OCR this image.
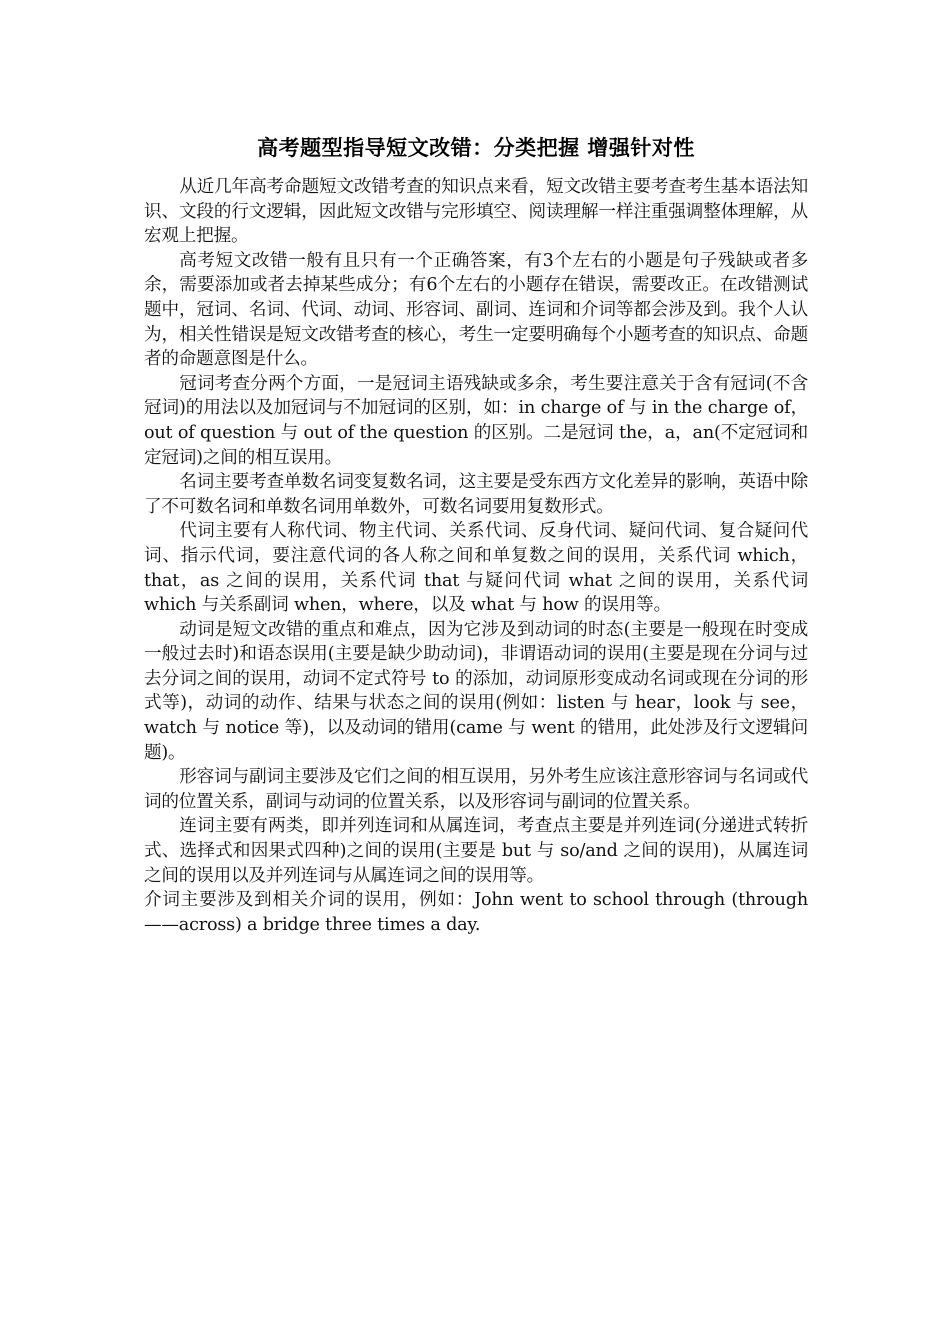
高考题型指导短文改错：分类把握 增强针对性

从近几年高考命题短文改错考查的知识点来看，短文改错主要考查考生基本语法知识、文段的行文逻辑，因此短文改错与完形填空、阅读理解一样注重强调整体理解，从宏观上把握。

高考短文改错一般有且只有一个正确答案，有3个左右的小题是句子残缺或者多余，需要添加或者去掉某些成分；有6个左右的小题存在错误，需要改正。在改错测试题中，冠词、名词、代词、动词、形容词、副词、连词和介词等都会涉及到。我个人认为，相关性错误是短文改错考查的核心，考生一定要明确每个小题考查的知识点、命题者的命题意图是什么。

冠词考查分两个方面，一是冠词主语残缺或多余，考生要注意关于含有冠词(不含冠词)的用法以及加冠词与不加冠词的区别，如：in charge of 与 in the charge of，out of question 与 out of the question 的区别。二是冠词 the，a，an(不定冠词和定冠词)之间的相互误用。

名词主要考查单数名词变复数名词，这主要是受东西方文化差异的影响，英语中除了不可数名词和单数名词用单数外，可数名词要用复数形式。

代词主要有人称代词、物主代词、关系代词、反身代词、疑问代词、复合疑问代词、指示代词，要注意代词的各人称之间和单复数之间的误用，关系代词 which，that，as 之间的误用，关系代词 that 与疑问代词 what 之间的误用，关系代词 which 与关系副词 when，where，以及 what 与 how 的误用等。

动词是短文改错的重点和难点，因为它涉及到动词的时态(主要是一般现在时变成一般过去时)和语态误用(主要是缺少助动词)，非谓语动词的误用(主要是现在分词与过去分词之间的误用，动词不定式符号 to 的添加，动词原形变成动名词或现在分词的形式等)，动词的动作、结果与状态之间的误用(例如：listen 与 hear，look 与 see，watch 与 notice 等)，以及动词的错用(came 与 went 的错用，此处涉及行文逻辑问题)。

形容词与副词主要涉及它们之间的相互误用，另外考生应该注意形容词与名词或代词的位置关系，副词与动词的位置关系，以及形容词与副词的位置关系。

连词主要有两类，即并列连词和从属连词，考查点主要是并列连词(分递进式转折式、选择式和因果式四种)之间的误用(主要是 but 与 so/and 之间的误用)，从属连词之间的误用以及并列连词与从属连词之间的误用等。

介词主要涉及到相关介词的误用，例如：John went to school through (through ——across) a bridge three times a day.
